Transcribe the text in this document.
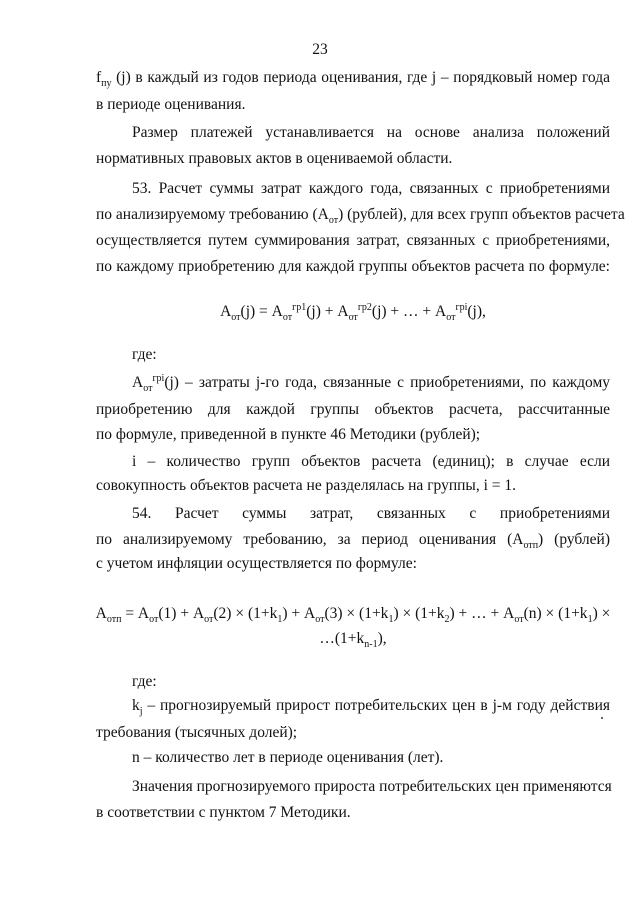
23
$f_{пу}$ (j) в каждый из годов периода оценивания, где j – порядковый номер года
в периоде оценивания.
Размер платежей устанавливается на основе анализа положений
нормативных правовых актов в оцениваемой области.
53. Расчет суммы затрат каждого года, связанных с приобретениями
по анализируемому требованию $(A_{от})$ (рублей), для всех групп объектов расчета
осуществляется путем суммирования затрат, связанных с приобретениями,
по каждому приобретению для каждой группы объектов расчета по формуле:
$A_{от}(j) = A_{от}^{гр1}(j) + A_{от}^{гр2}(j)$ + … + $A_{от}^{грi}(j)$,
где:
$A_{от}^{грi}(j)$ – затраты j-го года, связанные с приобретениями, по каждому
приобретению для каждой группы объектов расчета, рассчитанные
по формуле, приведенной в пункте 46 Методики (рублей);
i – количество групп объектов расчета (единиц); в случае если
совокупность объектов расчета не разделялась на группы, i = 1.
54. Расчет суммы затрат, связанных с приобретениями
по анализируемому требованию, за период оценивания $(A_{отп})$ (рублей)
с учетом инфляции осуществляется по формуле:
$A_{отп} = A_{от}(1) + A_{от}(2) \times (1+k_1) + A_{от}(3) \times (1+k_1) \times (1+k_2)$ + … + $A_{от}(n) \times (1+k_1)$ ×
$\dots(1+k_{n-1})$,
где:
$k_j$ – прогнозируемый прирост потребительских цен в j-м году действия
требования (тысячных долей);
n – количество лет в периоде оценивания (лет).
Значения прогнозируемого прироста потребительских цен применяются
в соответствии с пунктом 7 Методики.
